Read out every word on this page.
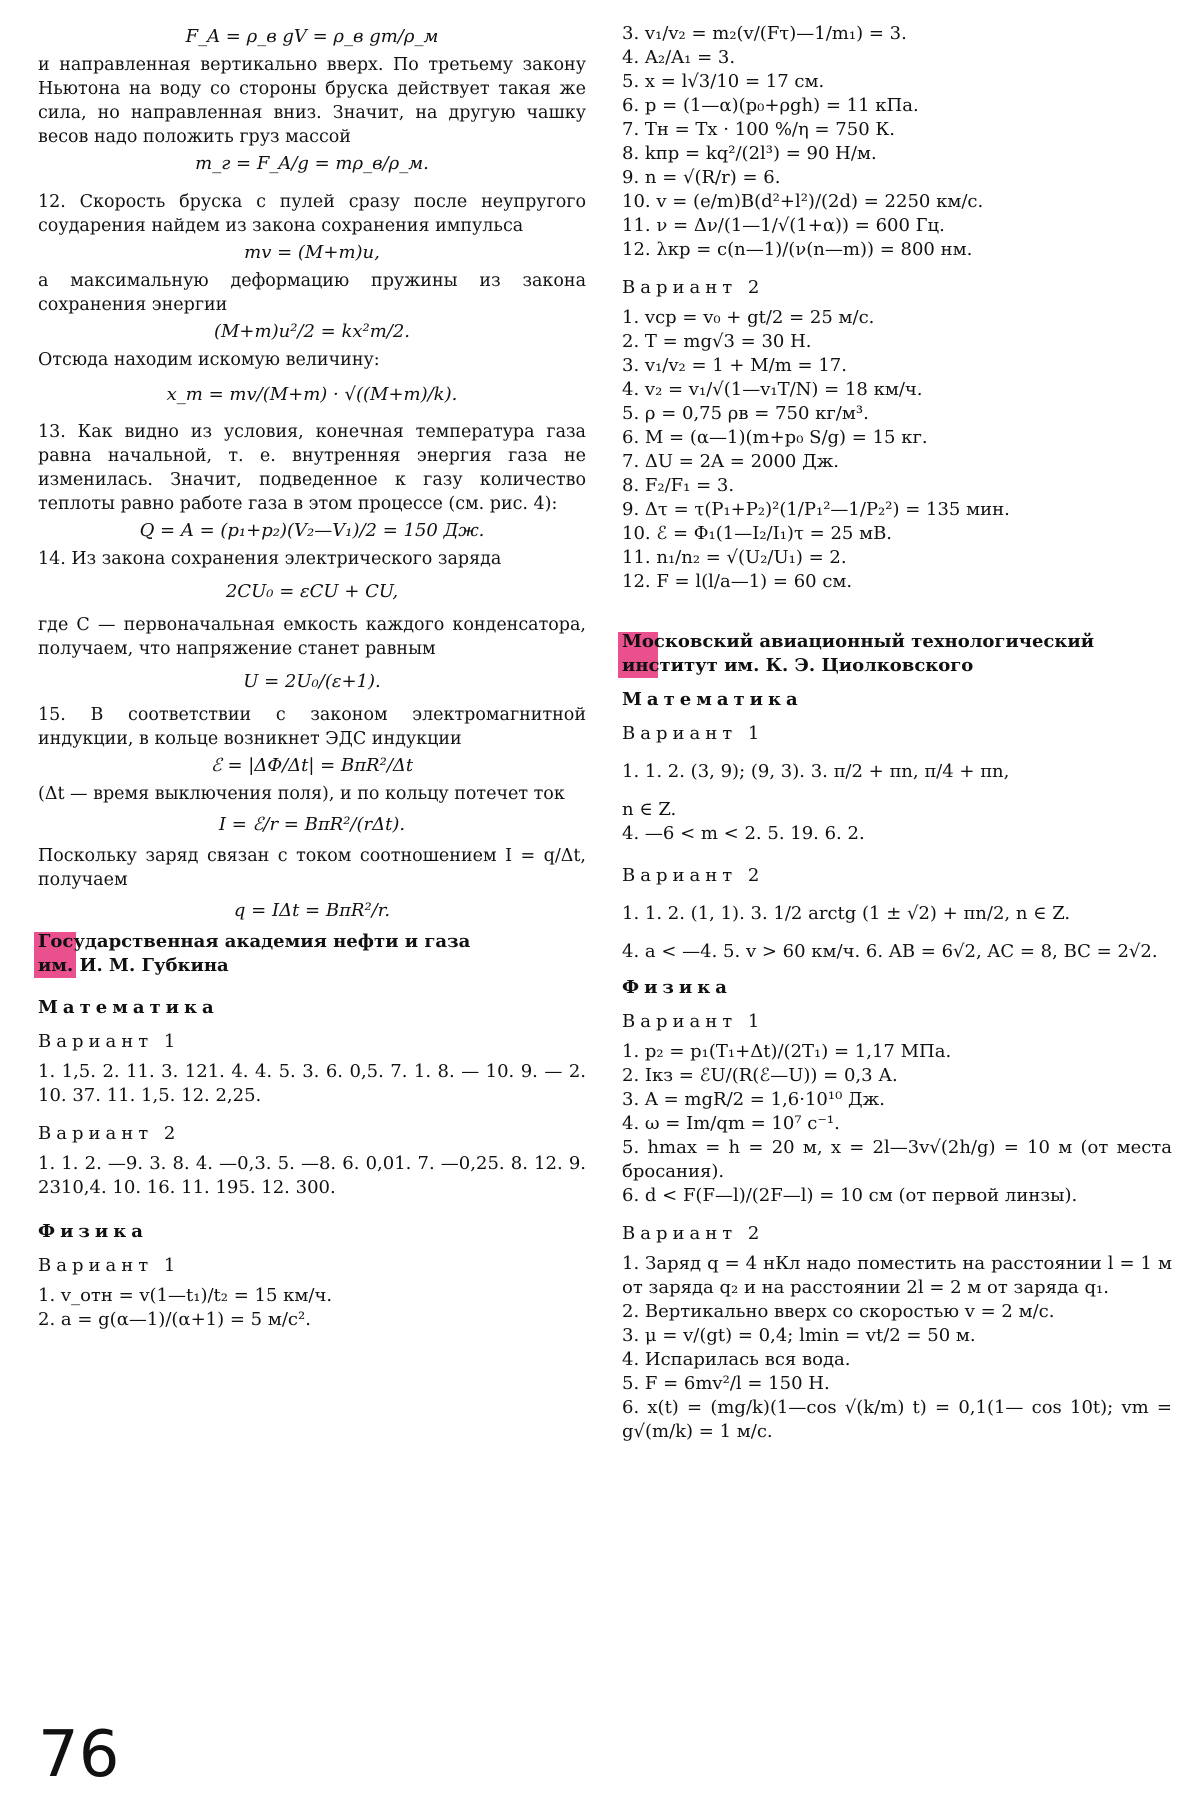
F_A = ρ_в gV = ρ_в gm/ρ_м

и направленная вертикально вверх. По третьему закону Ньютона на воду со стороны бруска действует такая же сила, но направленная вниз. Значит, на другую чашку весов надо положить груз массой

m_г = F_A/g = mρ_в/ρ_м.

12. Скорость бруска с пулей сразу после неупругого соударения найдем из закона сохранения импульса

mv = (M+m)u,

а максимальную деформацию пружины из закона сохранения энергии

(M+m)u²/2 = kx²m/2.

Отсюда находим искомую величину:

x_m = mv/(M+m) · √((M+m)/k).

13. Как видно из условия, конечная температура газа равна начальной, т. е. внутренняя энергия газа не изменилась. Значит, подведенное к газу количество теплоты равно работе газа в этом процессе (см. рис. 4):

Q = A = (p₁+p₂)(V₂—V₁)/2 = 150 Дж.

14. Из закона сохранения электрического заряда

2CU₀ = εCU + CU,

где C — первоначальная емкость каждого конденсатора, получаем, что напряжение станет равным

U = 2U₀/(ε+1).

15. В соответствии с законом электромагнитной индукции, в кольце возникнет ЭДС индукции

ℰ = |ΔΦ/Δt| = BπR²/Δt

(Δt — время выключения поля), и по кольцу потечет ток

I = ℰ/r = BπR²/(rΔt).

Поскольку заряд связан с током соотношением I = q/Δt, получаем

q = IΔt = BπR²/r.
Государственная академия нефти и газа
им. И. М. Губкина
Математика
Вариант 1

1. 1,5. 2. 11. 3. 121. 4. 4. 5. 3. 6. 0,5. 7. 1. 8. — 10. 9. — 2. 10. 37. 11. 1,5. 12. 2,25.

Вариант 2

1. 1. 2. —9. 3. 8. 4. —0,3. 5. —8. 6. 0,01. 7. —0,25. 8. 12. 9. 2310,4. 10. 16. 11. 195. 12. 300.

Физика
Вариант 1

1. v_отн = v(1—t₁)/t₂ = 15 км/ч.

2. a = g(α—1)/(α+1) = 5 м/с².

3. v₁/v₂ = m₂(v/(Fτ)—1/m₁) = 3.

4. A₂/A₁ = 3.

5. x = l√3/10 = 17 см.

6. p = (1—α)(p₀+ρgh) = 11 кПа.

7. Tн = Tх · 100 %/η = 750 К.

8. kпр = kq²/(2l³) = 90 Н/м.

9. n = √(R/r) = 6.

10. v = (e/m)B(d²+l²)/(2d) = 2250 км/с.

11. ν = Δν/(1—1/√(1+α)) = 600 Гц.

12. λкр = c(n—1)/(ν(n—m)) = 800 нм.

Вариант 2

1. vср = v₀ + gt/2 = 25 м/с.

2. T = mg√3 = 30 Н.

3. v₁/v₂ = 1 + M/m = 17.

4. v₂ = v₁/√(1—v₁T/N) = 18 км/ч.

5. ρ = 0,75 ρв = 750 кг/м³.

6. M = (α—1)(m+p₀ S/g) = 15 кг.

7. ΔU = 2A = 2000 Дж.

8. F₂/F₁ = 3.

9. Δτ = τ(P₁+P₂)²(1/P₁²—1/P₂²) = 135 мин.

10. ℰ = Φ₁(1—I₂/I₁)τ = 25 мВ.

11. n₁/n₂ = √(U₂/U₁) = 2.

12. F = l(l/a—1) = 60 см.

Московский авиационный технологический
институт им. К. Э. Циолковского
Математика
Вариант 1

1. 1. 2. (3, 9); (9, 3). 3. π/2 + πn, π/4 + πn,

n ∈ Z.

4. —6 < m < 2. 5. 19. 6. 2.

Вариант 2

1. 1. 2. (1, 1). 3. 1/2 arctg (1 ± √2) + πn/2, n ∈ Z.

4. a < —4. 5. v > 60 км/ч. 6. AB = 6√2, AC = 8, BC = 2√2.

Физика
Вариант 1

1. p₂ = p₁(T₁+Δt)/(2T₁) = 1,17 МПа.

2. Iкз = ℰU/(R(ℰ—U)) = 0,3 А.

3. A = mgR/2 = 1,6·10¹⁰ Дж.

4. ω = Im/qm = 10⁷ с⁻¹.

5. hmax = h = 20 м, x = 2l—3v√(2h/g) = 10 м (от места бросания).

6. d < F(F—l)/(2F—l) = 10 см (от первой линзы).

Вариант 2

1. Заряд q = 4 нКл надо поместить на расстоянии l = 1 м от заряда q₂ и на расстоянии 2l = 2 м от заряда q₁.

2. Вертикально вверх со скоростью v = 2 м/с.

3. μ = v/(gt) = 0,4; lmin = vt/2 = 50 м.

4. Испарилась вся вода.

5. F = 6mv²/l = 150 Н.

6. x(t) = (mg/k)(1—cos √(k/m) t) = 0,1(1— cos 10t); vm = g√(m/k) = 1 м/с.

76
